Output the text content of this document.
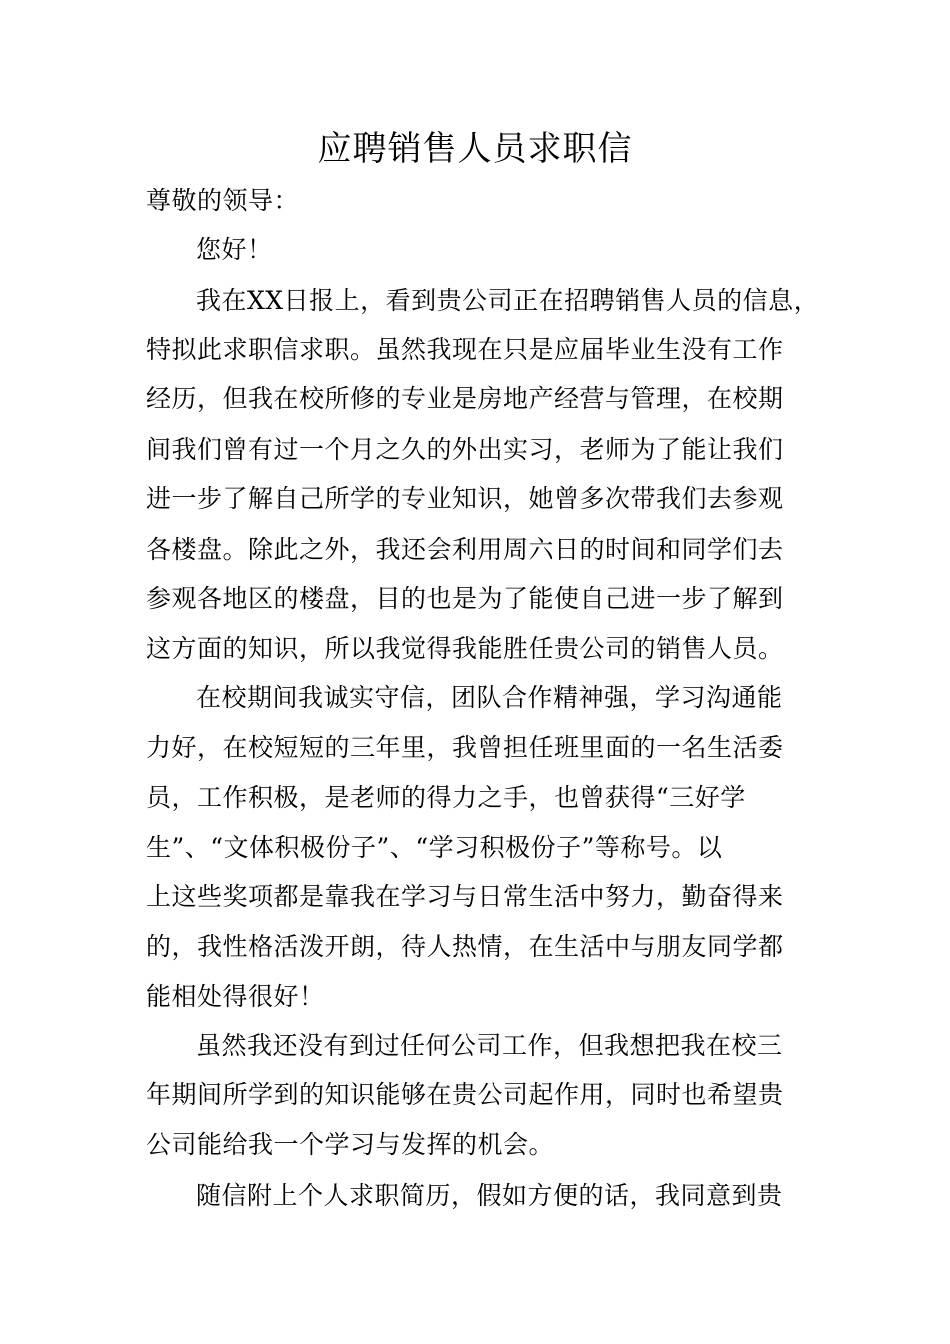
应聘销售人员求职信
尊敬的领导：
您好！
我在XX日报上，看到贵公司正在招聘销售人员的信息，
特拟此求职信求职。虽然我现在只是应届毕业生没有工作
经历，但我在校所修的专业是房地产经营与管理，在校期
间我们曾有过一个月之久的外出实习，老师为了能让我们
进一步了解自己所学的专业知识，她曾多次带我们去参观
各楼盘。除此之外，我还会利用周六日的时间和同学们去
参观各地区的楼盘，目的也是为了能使自己进一步了解到
这方面的知识，所以我觉得我能胜任贵公司的销售人员。
在校期间我诚实守信，团队合作精神强，学习沟通能
力好，在校短短的三年里，我曾担任班里面的一名生活委
员，工作积极，是老师的得力之手，也曾获得“三好学
生”、“文体积极份子”、“学习积极份子”等称号。以
上这些奖项都是靠我在学习与日常生活中努力，勤奋得来
的，我性格活泼开朗，待人热情，在生活中与朋友同学都
能相处得很好！
虽然我还没有到过任何公司工作，但我想把我在校三
年期间所学到的知识能够在贵公司起作用，同时也希望贵
公司能给我一个学习与发挥的机会。
随信附上个人求职简历，假如方便的话，我同意到贵
